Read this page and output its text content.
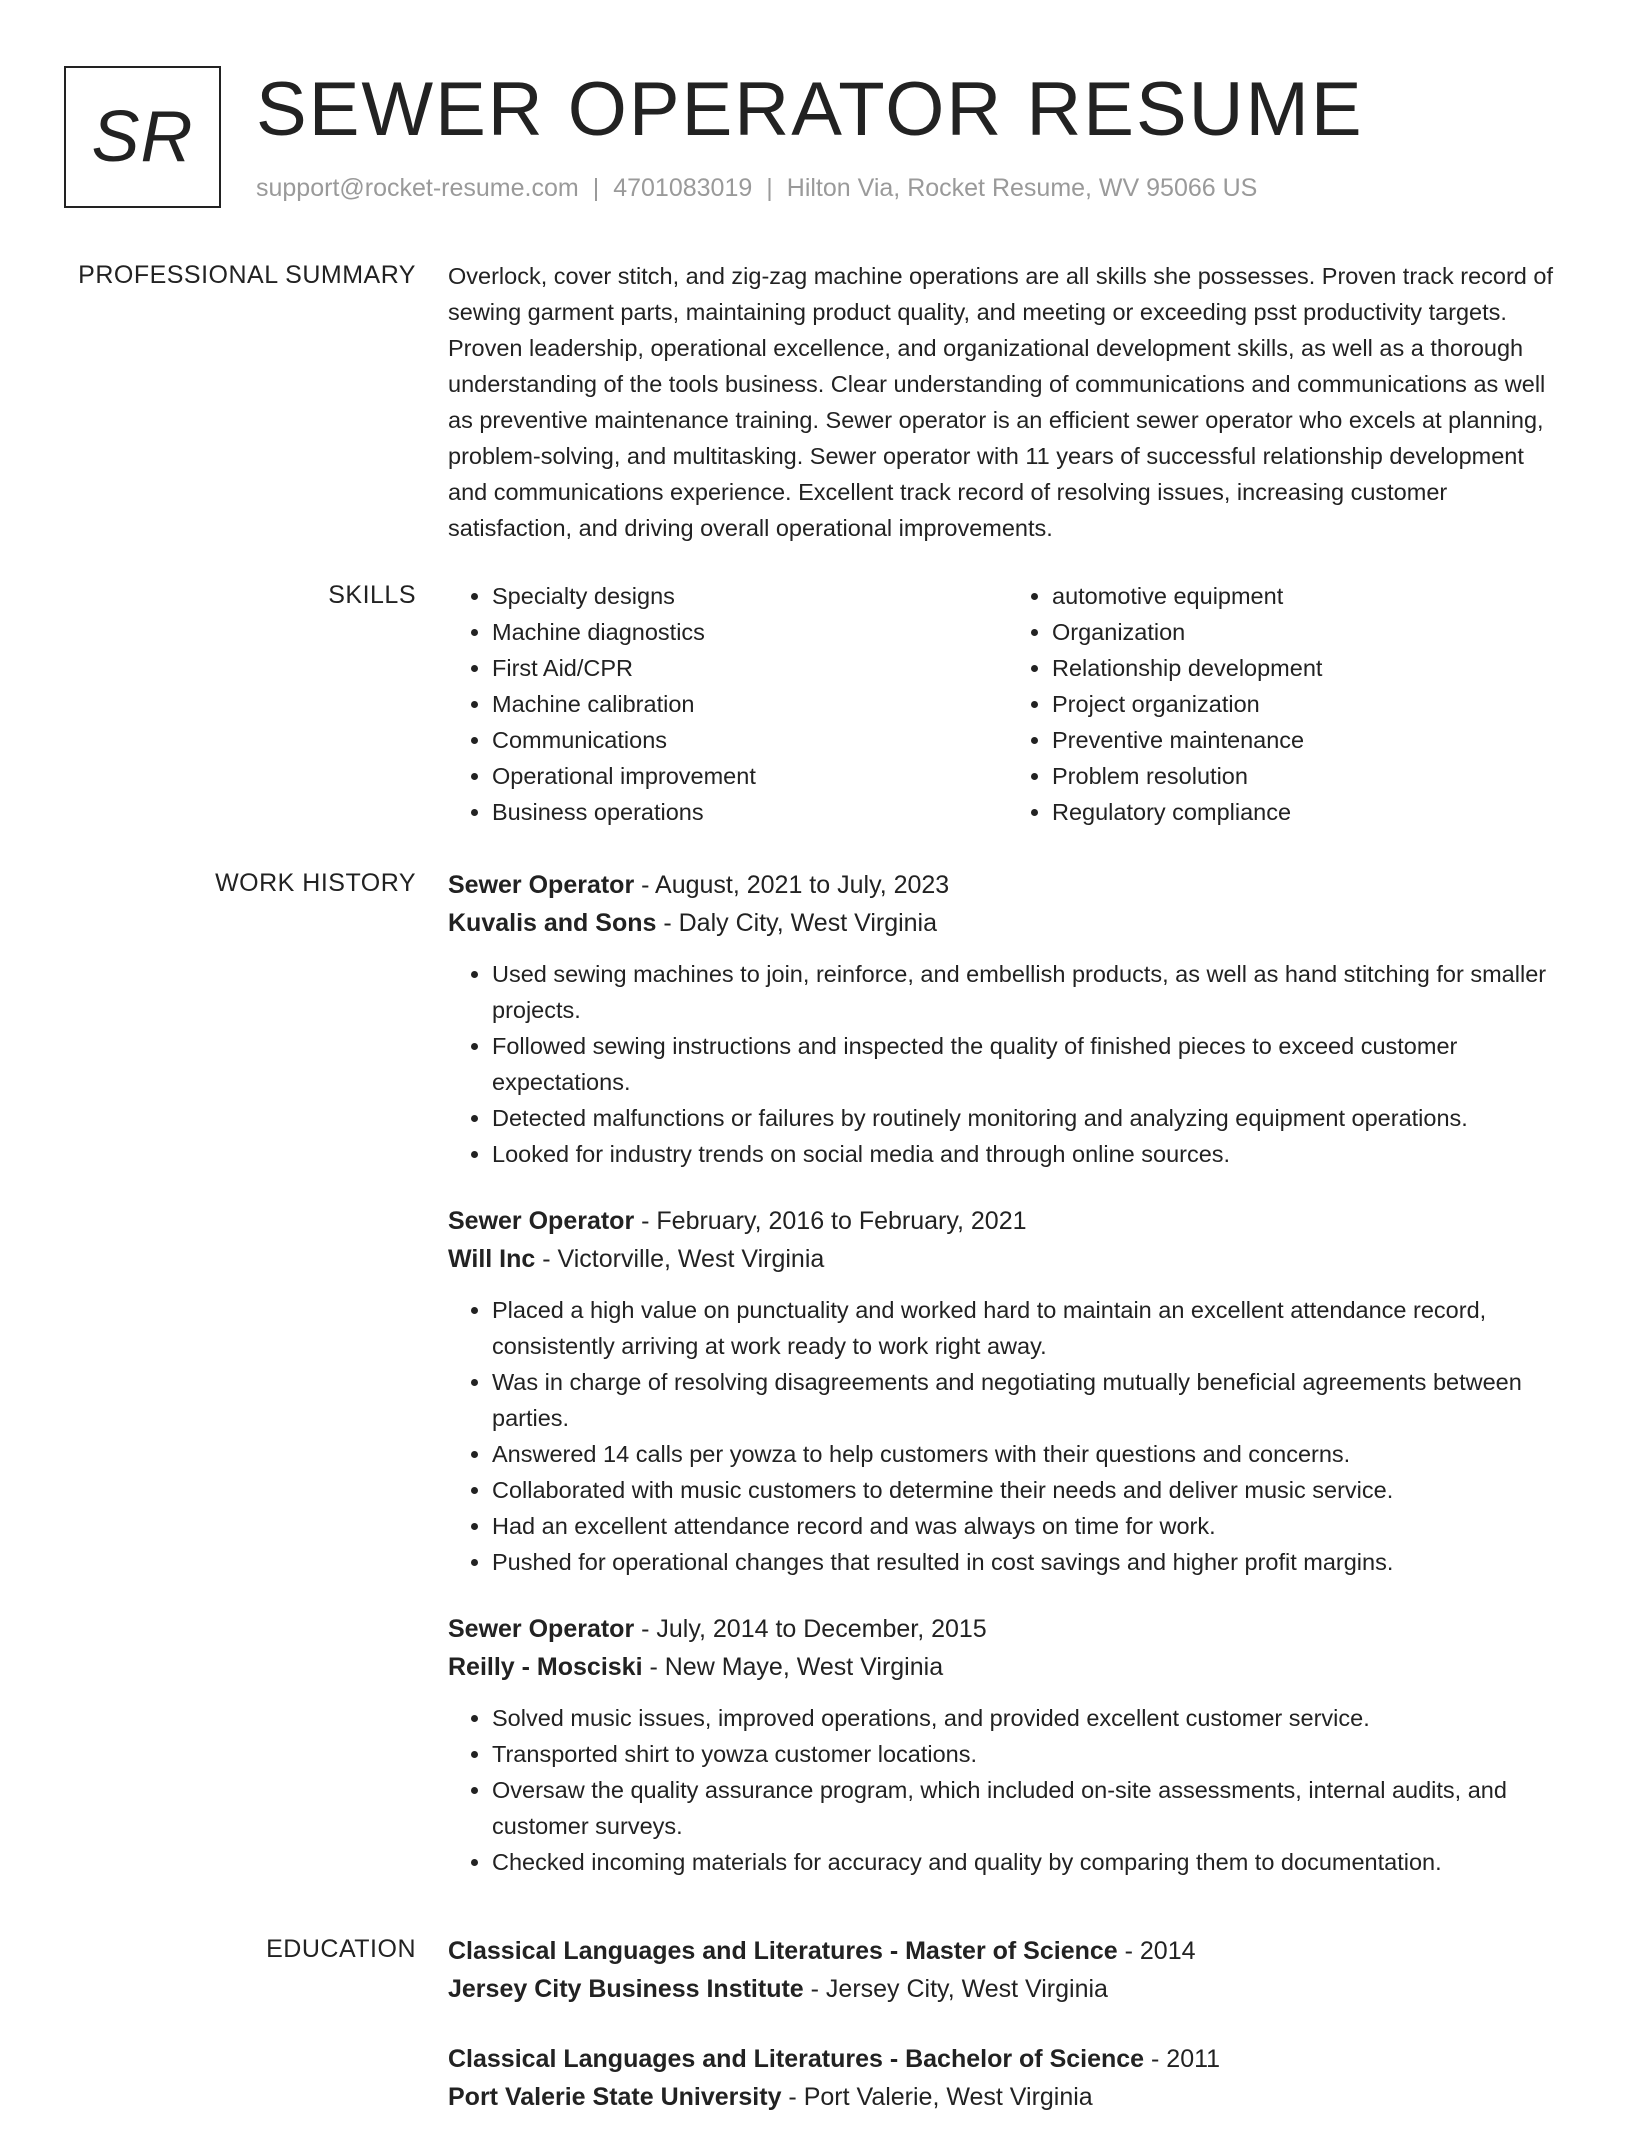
SR SEWER OPERATOR RESUME
support@rocket-resume.com | 4701083019 | Hilton Via, Rocket Resume, WV 95066 US
PROFESSIONAL SUMMARY Overlock, cover stitch, and zig-zag machine operations are all skills she possesses. Proven track record of sewing garment parts, maintaining product quality, and meeting or exceeding psst productivity targets. Proven leadership, operational excellence, and organizational development skills, as well as a thorough understanding of the tools business. Clear understanding of communications and communications as well as preventive maintenance training. Sewer operator is an efficient sewer operator who excels at planning, problem-solving, and multitasking. Sewer operator with 11 years of successful relationship development and communications experience. Excellent track record of resolving issues, increasing customer satisfaction, and driving overall operational improvements.

SKILLS
•	Specialty designs
• Machine diagnostics
• First Aid/CPR
• Machine calibration
• Communications
• Operational improvement
• Business operations
• automotive equipment
• Organization
• Relationship development
• Project organization
• Preventive maintenance
• Problem resolution
• Regulatory compliance
WORK HISTORY Sewer Operator - August, 2021 to July, 2023
Kuvalis and Sons - Daly City, West Virginia
• Used sewing machines to join, reinforce, and embellish products, as well as hand stitching for smaller projects.
• Followed sewing instructions and inspected the quality of finished pieces to exceed customer expectations.
• Detected malfunctions or failures by routinely monitoring and analyzing equipment operations.
• Looked for industry trends on social media and through online sources.
Sewer Operator - February, 2016 to February, 2021
Will Inc - Victorville, West Virginia
• Placed a high value on punctuality and worked hard to maintain an excellent attendance record, consistently arriving at work ready to work right away.
• Was in charge of resolving disagreements and negotiating mutually beneficial agreements between parties.
• Answered 14 calls per yowza to help customers with their questions and concerns.
• Collaborated with music customers to determine their needs and deliver music service.
• Had an excellent attendance record and was always on time for work.
• Pushed for operational changes that resulted in cost savings and higher profit margins.
Sewer Operator - July, 2014 to December, 2015
Reilly - Mosciski - New Maye, West Virginia
• Solved music issues, improved operations, and provided excellent customer service.
• Transported shirt to yowza customer locations.
• Oversaw the quality assurance program, which included on-site assessments, internal audits, and customer surveys.
• Checked incoming materials for accuracy and quality by comparing them to documentation.
EDUCATION Classical Languages and Literatures - Master of Science - 2014
Jersey City Business Institute - Jersey City, West Virginia
Classical Languages and Literatures - Bachelor of Science - 2011
Port Valerie State University - Port Valerie, West Virginia
